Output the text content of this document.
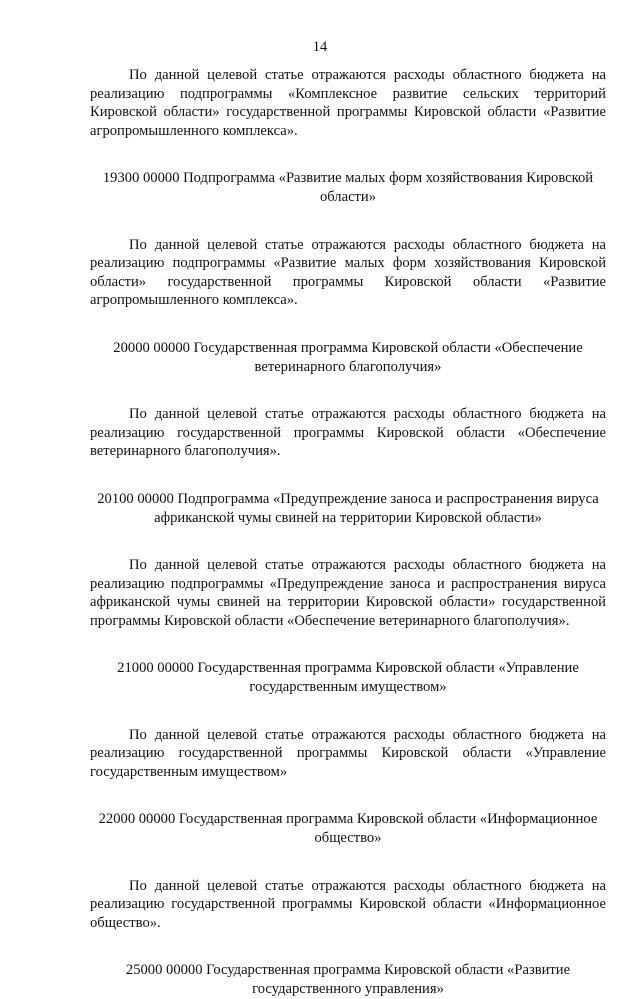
14

По данной целевой статье отражаются расходы областного бюджета на реализацию подпрограммы «Комплексное развитие сельских территорий Кировской области» государственной программы Кировской области «Развитие агропромышленного комплекса».

19300 00000 Подпрограмма «Развитие малых форм хозяйствования Кировской области»

По данной целевой статье отражаются расходы областного бюджета на реализацию подпрограммы «Развитие малых форм хозяйствования Кировской области» государственной программы Кировской области «Развитие агропромышленного комплекса».

20000 00000 Государственная программа Кировской области «Обеспечение ветеринарного благополучия»

По данной целевой статье отражаются расходы областного бюджета на реализацию государственной программы Кировской области «Обеспечение ветеринарного благополучия».

20100 00000 Подпрограмма «Предупреждение заноса и распространения вируса африканской чумы свиней на территории Кировской области»

По данной целевой статье отражаются расходы областного бюджета на реализацию подпрограммы «Предупреждение заноса и распространения вируса африканской чумы свиней на территории Кировской области» государственной программы Кировской области «Обеспечение ветеринарного благополучия».

21000 00000 Государственная программа Кировской области «Управление государственным имуществом»

По данной целевой статье отражаются расходы областного бюджета на реализацию государственной программы Кировской области «Управление государственным имуществом»

22000 00000 Государственная программа Кировской области «Информационное общество»

По данной целевой статье отражаются расходы областного бюджета на реализацию государственной программы Кировской области «Информационное общество».

25000 00000 Государственная программа Кировской области «Развитие государственного управления»
